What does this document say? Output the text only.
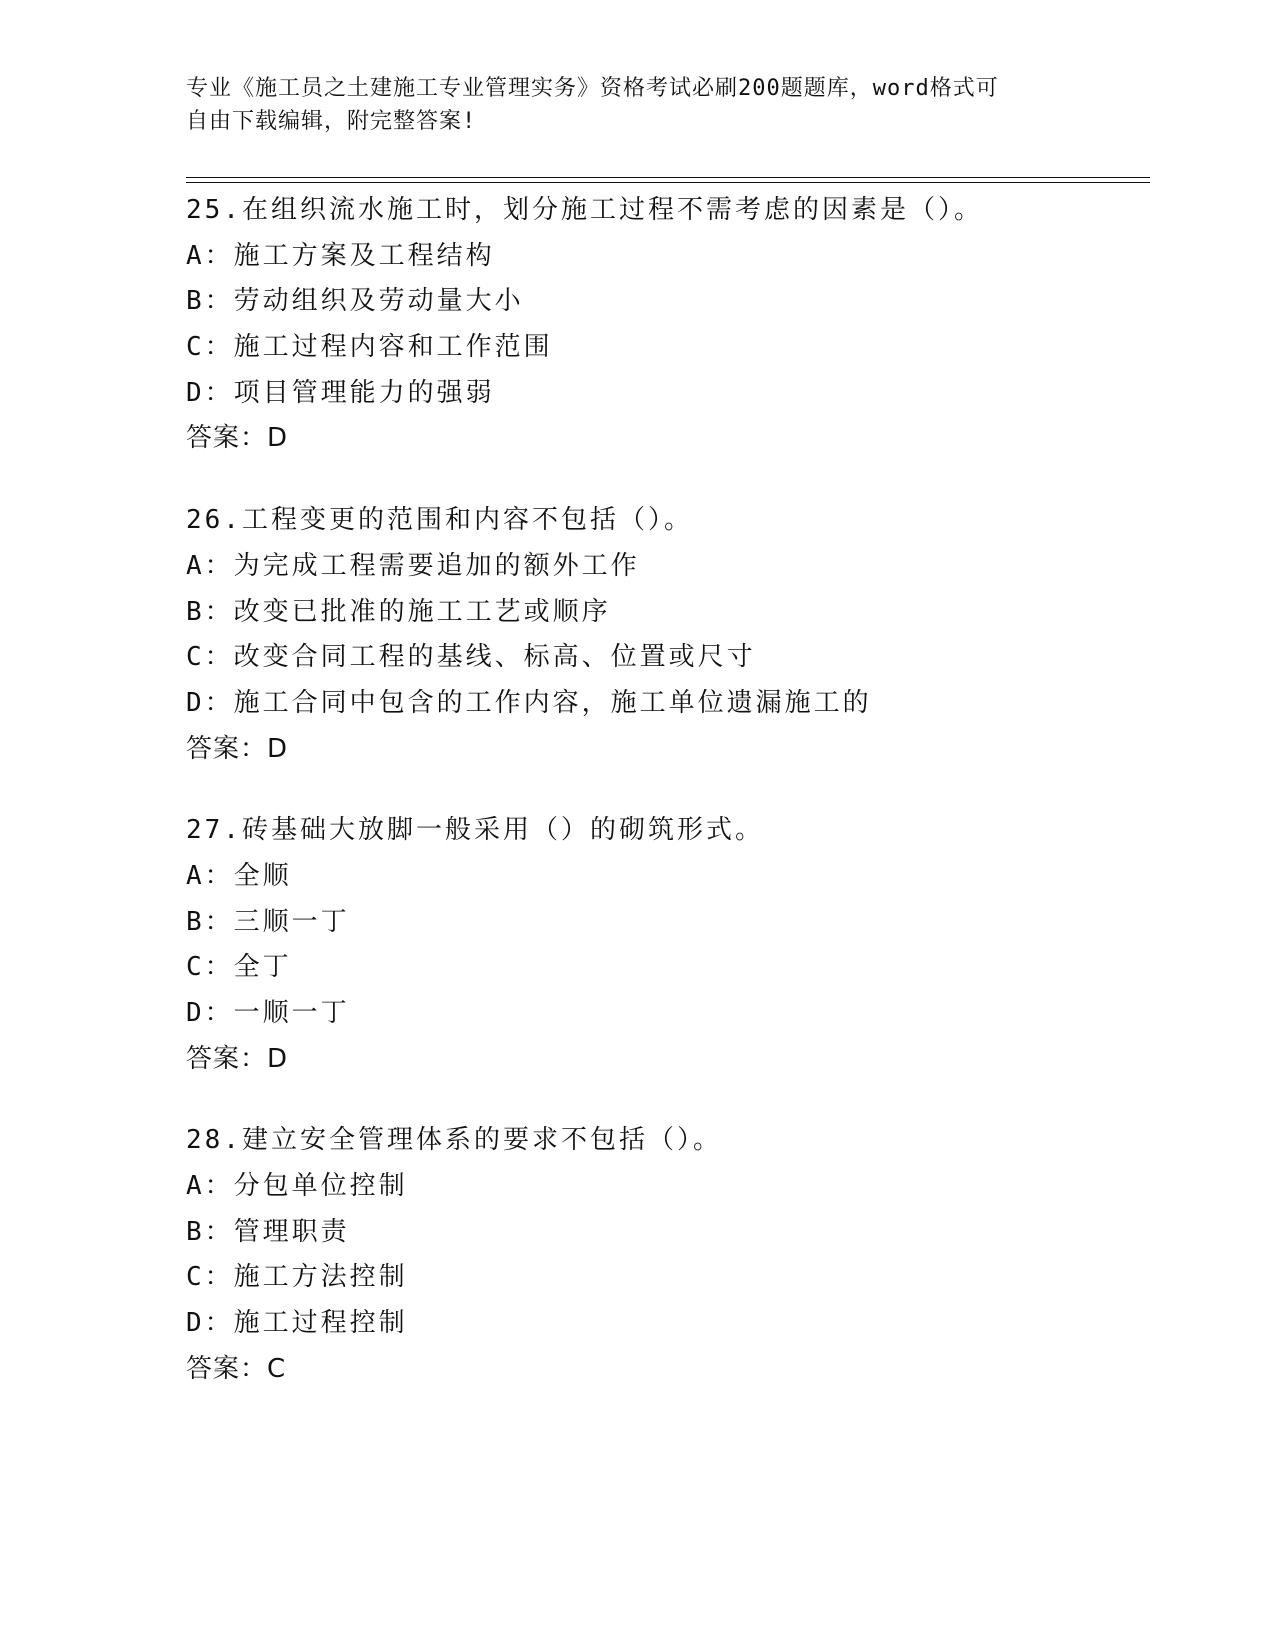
专业《施工员之土建施工专业管理实务》资格考试必刷200题题库，word格式可
自由下载编辑，附完整答案!
25.在组织流水施工时，划分施工过程不需考虑的因素是（）。
A：施工方案及工程结构
B：劳动组织及劳动量大小
C：施工过程内容和工作范围
D：项目管理能力的强弱
答案：D
26.工程变更的范围和内容不包括（）。
A：为完成工程需要追加的额外工作
B：改变已批准的施工工艺或顺序
C：改变合同工程的基线、标高、位置或尺寸
D：施工合同中包含的工作内容，施工单位遗漏施工的
答案：D
27.砖基础大放脚一般采用（）的砌筑形式。
A：全顺
B：三顺一丁
C：全丁
D：一顺一丁
答案：D
28.建立安全管理体系的要求不包括（）。
A：分包单位控制
B：管理职责
C：施工方法控制
D：施工过程控制
答案：C
